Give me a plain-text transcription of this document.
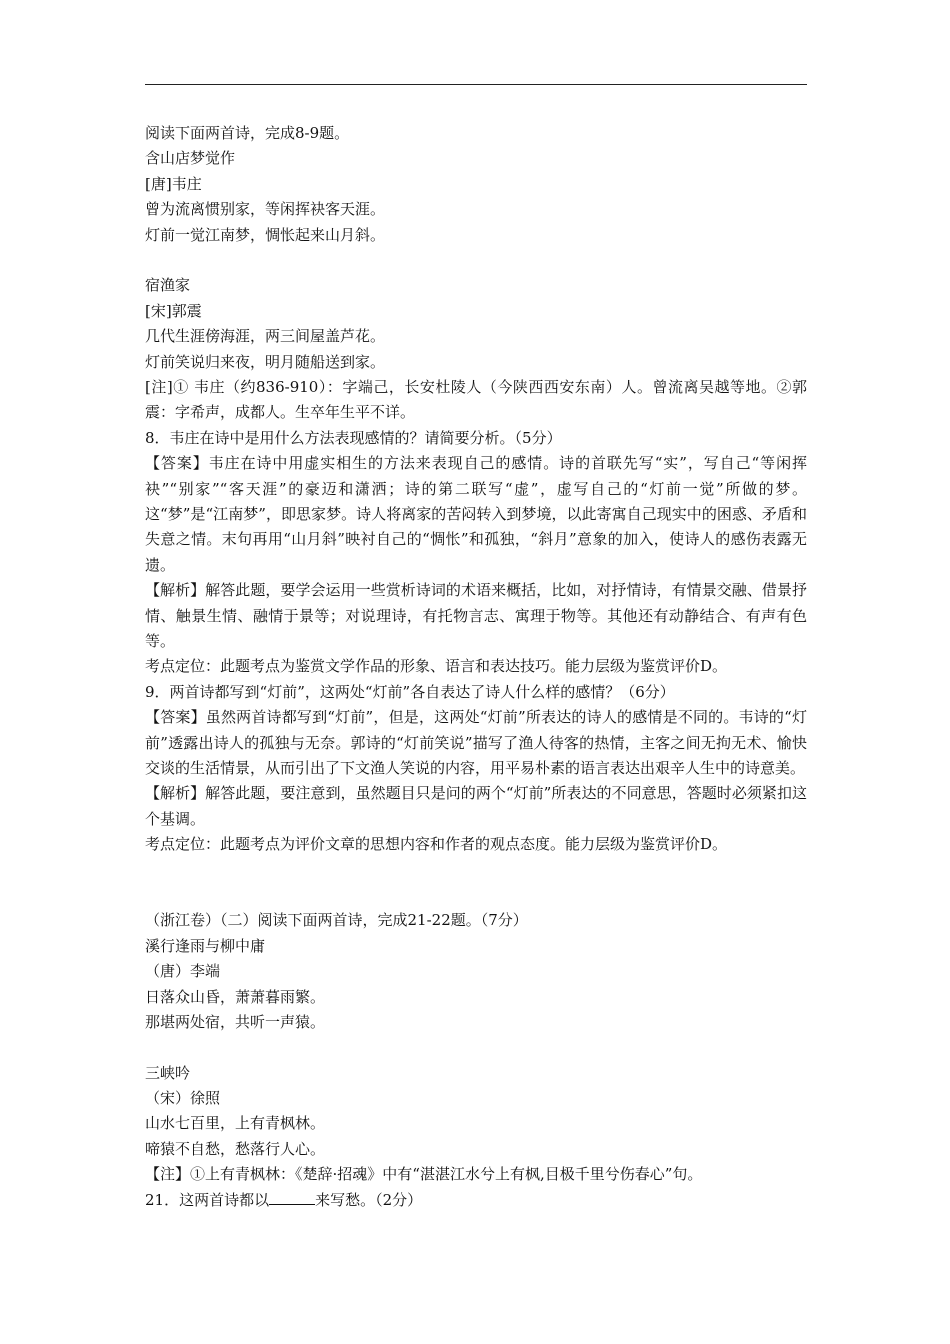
阅读下面两首诗，完成8-9题。
含山店梦觉作
[唐]韦庄
曾为流离惯别家，等闲挥袂客天涯。
灯前一觉江南梦，惆怅起来山月斜。
宿渔家
[宋]郭震
几代生涯傍海涯，两三间屋盖芦花。
灯前笑说归来夜，明月随船送到家。
[注]① 韦庄（约836-910）：字端己，长安杜陵人（今陕西西安东南）人。曾流离吴越等地。②郭震：字希声，成都人。生卒年生平不详。
8．韦庄在诗中是用什么方法表现感情的？请简要分析。（5分）
【答案】韦庄在诗中用虚实相生的方法来表现自己的感情。诗的首联先写“实”，写自己“等闲挥袂”“别家”“客天涯”的豪迈和潇洒；诗的第二联写“虚”，虚写自己的“灯前一觉”所做的梦。这“梦”是“江南梦”，即思家梦。诗人将离家的苦闷转入到梦境，以此寄寓自己现实中的困惑、矛盾和失意之情。末句再用“山月斜”映衬自己的“惆怅”和孤独，“斜月”意象的加入，使诗人的感伤表露无遗。
【解析】解答此题，要学会运用一些赏析诗词的术语来概括，比如，对抒情诗，有情景交融、借景抒情、触景生情、融情于景等；对说理诗，有托物言志、寓理于物等。其他还有动静结合、有声有色等。
考点定位：此题考点为鉴赏文学作品的形象、语言和表达技巧。能力层级为鉴赏评价D。
9．两首诗都写到“灯前”，这两处“灯前”各自表达了诗人什么样的感情？（6分）
【答案】虽然两首诗都写到“灯前”，但是，这两处“灯前”所表达的诗人的感情是不同的。韦诗的“灯前”透露出诗人的孤独与无奈。郭诗的“灯前笑说”描写了渔人待客的热情，主客之间无拘无术、愉快交谈的生活情景，从而引出了下文渔人笑说的内容，用平易朴素的语言表达出艰辛人生中的诗意美。
【解析】解答此题，要注意到，虽然题目只是问的两个“灯前”所表达的不同意思，答题时必须紧扣这个基调。
考点定位：此题考点为评价文章的思想内容和作者的观点态度。能力层级为鉴赏评价D。
（浙江卷）（二）阅读下面两首诗，完成21-22题。（7分）
溪行逢雨与柳中庸
（唐）李端
日落众山昏，萧萧暮雨繁。
那堪两处宿，共听一声猿。
三峡吟
（宋）徐照
山水七百里，上有青枫林。
啼猿不自愁，愁落行人心。
【注】①上有青枫林：《楚辞·招魂》中有“湛湛江水兮上有枫,目极千里兮伤春心”句。
21．这两首诗都以	来写愁。（2分）
